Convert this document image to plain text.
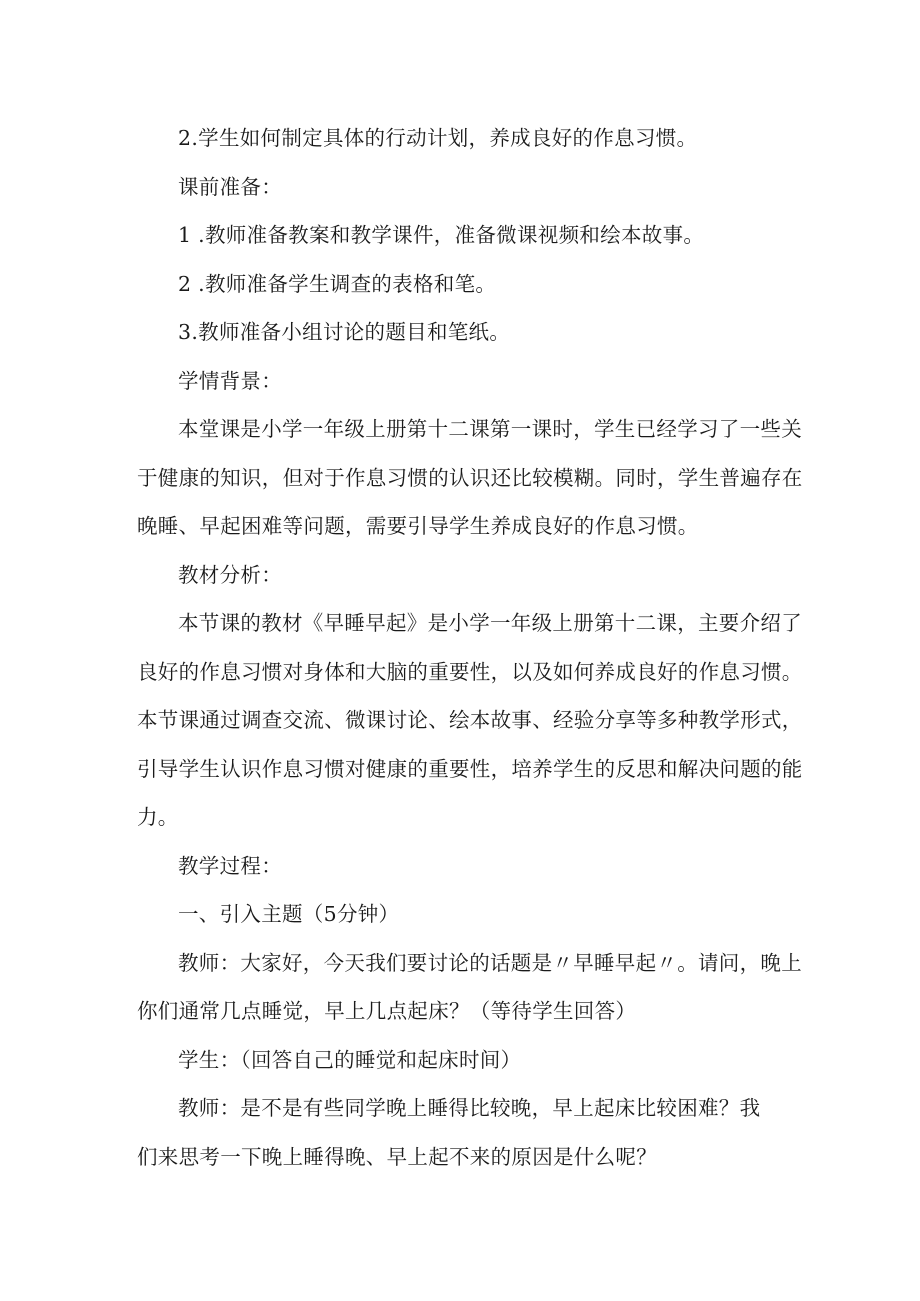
2.学生如何制定具体的行动计划，养成良好的作息习惯。
课前准备：
1 .教师准备教案和教学课件，准备微课视频和绘本故事。
2 .教师准备学生调查的表格和笔。
3.教师准备小组讨论的题目和笔纸。
学情背景：
本堂课是小学一年级上册第十二课第一课时，学生已经学习了一些关
于健康的知识，但对于作息习惯的认识还比较模糊。同时，学生普遍存在
晚睡、早起困难等问题，需要引导学生养成良好的作息习惯。
教材分析：
本节课的教材《早睡早起》是小学一年级上册第十二课，主要介绍了
良好的作息习惯对身体和大脑的重要性，以及如何养成良好的作息习惯。
本节课通过调查交流、微课讨论、绘本故事、经验分享等多种教学形式，
引导学生认识作息习惯对健康的重要性，培养学生的反思和解决问题的能
力。
教学过程：
一、引入主题（5分钟）
教师：大家好，今天我们要讨论的话题是〃早睡早起〃。请问，晚上
你们通常几点睡觉，早上几点起床？（等待学生回答）
学生：（回答自己的睡觉和起床时间）
教师：是不是有些同学晚上睡得比较晚，早上起床比较困难？我
们来思考一下晚上睡得晚、早上起不来的原因是什么呢？
